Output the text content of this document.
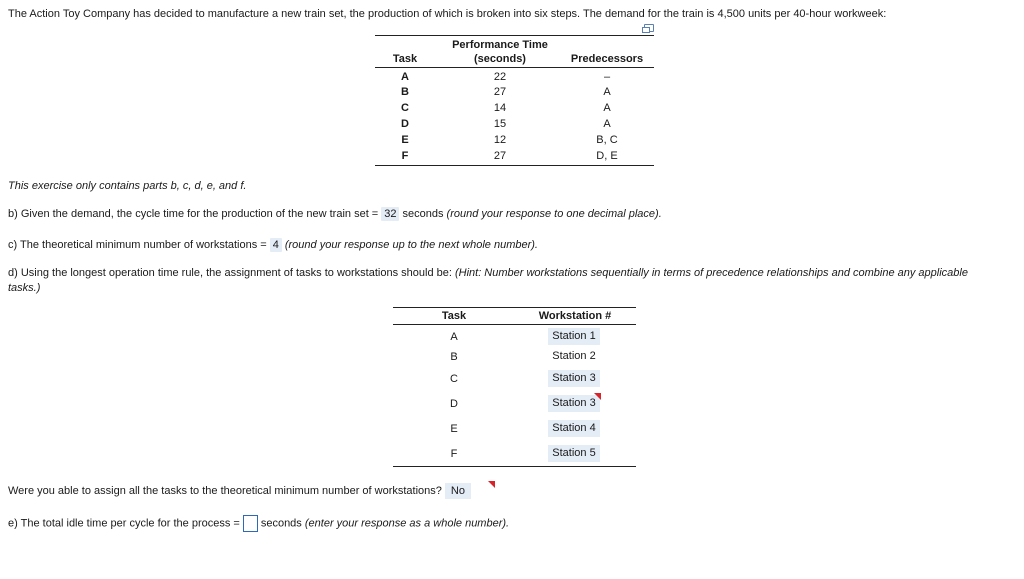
The Action Toy Company has decided to manufacture a new train set, the production of which is broken into six steps. The demand for the train is 4,500 units per 40-hour workweek:
Performance Time
Task	(seconds)	Predecessors
A	22	–
B	27	A
C	14	A
D	15	A
E	12	B, C
F	27	D, E
This exercise only contains parts b, c, d, e, and f.
b) Given the demand, the cycle time for the production of the new train set = 32 seconds (round your response to one decimal place).
c) The theoretical minimum number of workstations = 4 (round your response up to the next whole number).
d) Using the longest operation time rule, the assignment of tasks to workstations should be: (Hint: Number workstations sequentially in terms of precedence relationships and combine any applicable
tasks.)
Task	Workstation #
A	Station 1
B	Station 2
C	Station 3
D	Station 3
E	Station 4
F	Station 5
Were you able to assign all the tasks to the theoretical minimum number of workstations? No
e) The total idle time per cycle for the process = seconds (enter your response as a whole number).
